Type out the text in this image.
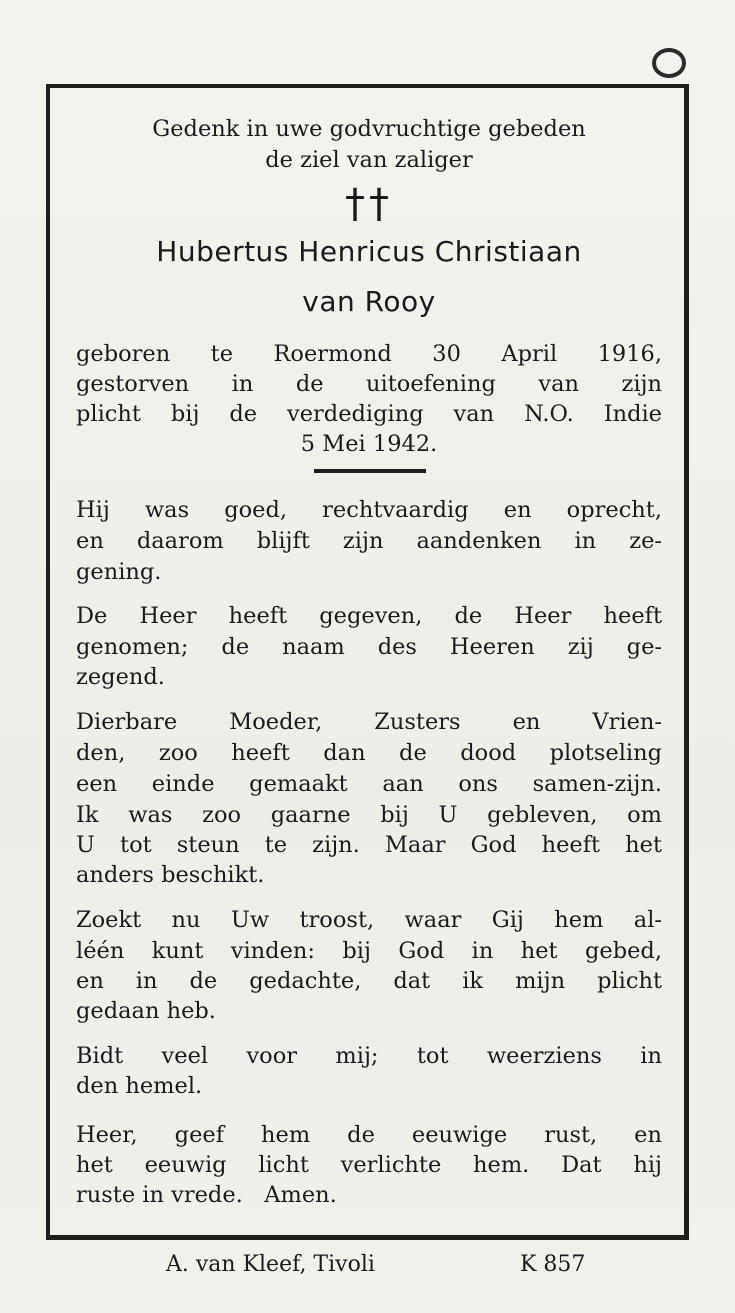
Gedenk in uwe godvruchtige gebeden
de ziel van zaliger
††
Hubertus Henricus Christiaan
van Rooy
geboren te Roermond 30 April 1916,
gestorven in de uitoefening van zijn
plicht bij de verdediging van N.O. Indie
5 Mei 1942.
Hij was goed, rechtvaardig en oprecht,
en daarom blijft zijn aandenken in ze-
gening.
De Heer heeft gegeven, de Heer heeft
genomen; de naam des Heeren zij ge-
zegend.
Dierbare Moeder, Zusters en Vrien-
den, zoo heeft dan de dood plotseling
een einde gemaakt aan ons samen-zijn.
Ik was zoo gaarne bij U gebleven, om
U tot steun te zijn. Maar God heeft het
anders beschikt.
Zoekt nu Uw troost, waar Gij hem al-
léén kunt vinden: bij God in het gebed,
en in de gedachte, dat ik mijn plicht
gedaan heb.
Bidt veel voor mij; tot weerziens in
den hemel.
Heer, geef hem de eeuwige rust, en
het eeuwig licht verlichte hem. Dat hij
ruste in vrede.   Amen.
A. van Kleef, Tivoli	K 857
